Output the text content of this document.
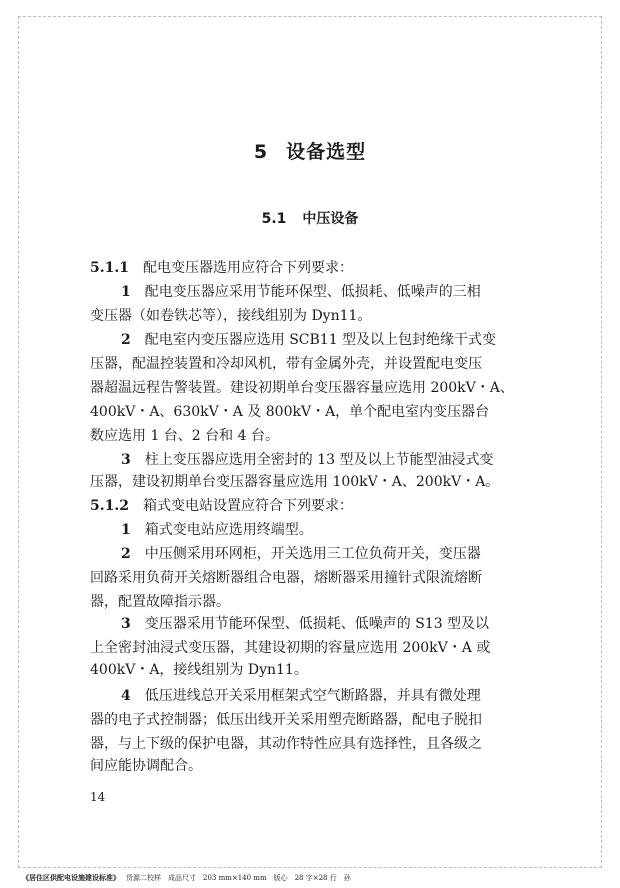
5 设备选型
5.1 中压设备
5.1.1 配电变压器选用应符合下列要求：
1 配电变压器应采用节能环保型、低损耗、低噪声的三相
变压器（如卷铁芯等），接线组别为 Dyn11。
2 配电室内变压器应选用 SCB11 型及以上包封绝缘干式变
压器，配温控装置和冷却风机，带有金属外壳，并设置配电变压
器超温远程告警装置。建设初期单台变压器容量应选用 200kV・A、
400kV・A、630kV・A 及 800kV・A，单个配电室内变压器台
数应选用 1 台、2 台和 4 台。
3 柱上变压器应选用全密封的 13 型及以上节能型油浸式变
压器，建设初期单台变压器容量应选用 100kV・A、200kV・A。
5.1.2 箱式变电站设置应符合下列要求：
1 箱式变电站应选用终端型。
2 中压侧采用环网柜，开关选用三工位负荷开关，变压器
回路采用负荷开关熔断器组合电器，熔断器采用撞针式限流熔断
器，配置故障指示器。
3 变压器采用节能环保型、低损耗、低噪声的 S13 型及以
上全密封油浸式变压器，其建设初期的容量应选用 200kV・A 或
400kV・A，接线组别为 Dyn11。
4 低压进线总开关采用框架式空气断路器，并具有微处理
器的电子式控制器；低压出线开关采用塑壳断路器，配电子脱扣
器，与上下级的保护电器，其动作特性应具有选择性，且各级之
间应能协调配合。
14
《居住区供配电设施建设标准》 货源二校样　成品尺寸　203 mm×140 mm　版心　28 字×28 行　孙
